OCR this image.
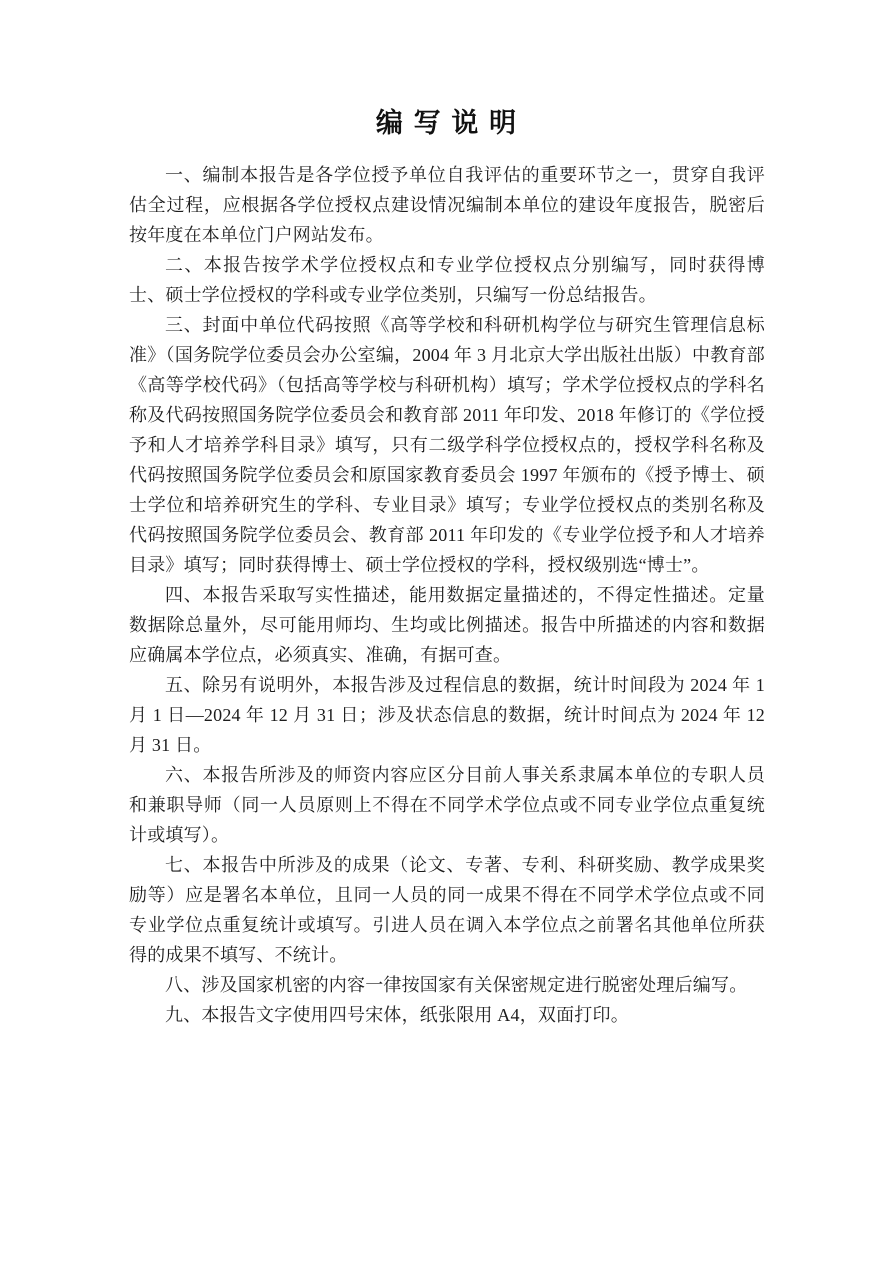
编 写 说 明

一、编制本报告是各学位授予单位自我评估的重要环节之一，贯穿自我评估全过程，应根据各学位授权点建设情况编制本单位的建设年度报告，脱密后按年度在本单位门户网站发布。

二、本报告按学术学位授权点和专业学位授权点分别编写，同时获得博士、硕士学位授权的学科或专业学位类别，只编写一份总结报告。

三、封面中单位代码按照《高等学校和科研机构学位与研究生管理信息标准》（国务院学位委员会办公室编，2004 年 3 月北京大学出版社出版）中教育部《高等学校代码》（包括高等学校与科研机构）填写；学术学位授权点的学科名称及代码按照国务院学位委员会和教育部 2011 年印发、2018 年修订的《学位授予和人才培养学科目录》填写，只有二级学科学位授权点的，授权学科名称及代码按照国务院学位委员会和原国家教育委员会 1997 年颁布的《授予博士、硕士学位和培养研究生的学科、专业目录》填写；专业学位授权点的类别名称及代码按照国务院学位委员会、教育部 2011 年印发的《专业学位授予和人才培养目录》填写；同时获得博士、硕士学位授权的学科，授权级别选“博士”。

四、本报告采取写实性描述，能用数据定量描述的，不得定性描述。定量数据除总量外，尽可能用师均、生均或比例描述。报告中所描述的内容和数据应确属本学位点，必须真实、准确，有据可查。

五、除另有说明外，本报告涉及过程信息的数据，统计时间段为 2024 年 1 月 1 日—2024 年 12 月 31 日；涉及状态信息的数据，统计时间点为 2024 年 12 月 31 日。

六、本报告所涉及的师资内容应区分目前人事关系隶属本单位的专职人员和兼职导师（同一人员原则上不得在不同学术学位点或不同专业学位点重复统计或填写）。

七、本报告中所涉及的成果（论文、专著、专利、科研奖励、教学成果奖励等）应是署名本单位，且同一人员的同一成果不得在不同学术学位点或不同专业学位点重复统计或填写。引进人员在调入本学位点之前署名其他单位所获得的成果不填写、不统计。

八、涉及国家机密的内容一律按国家有关保密规定进行脱密处理后编写。

九、本报告文字使用四号宋体，纸张限用 A4，双面打印。
